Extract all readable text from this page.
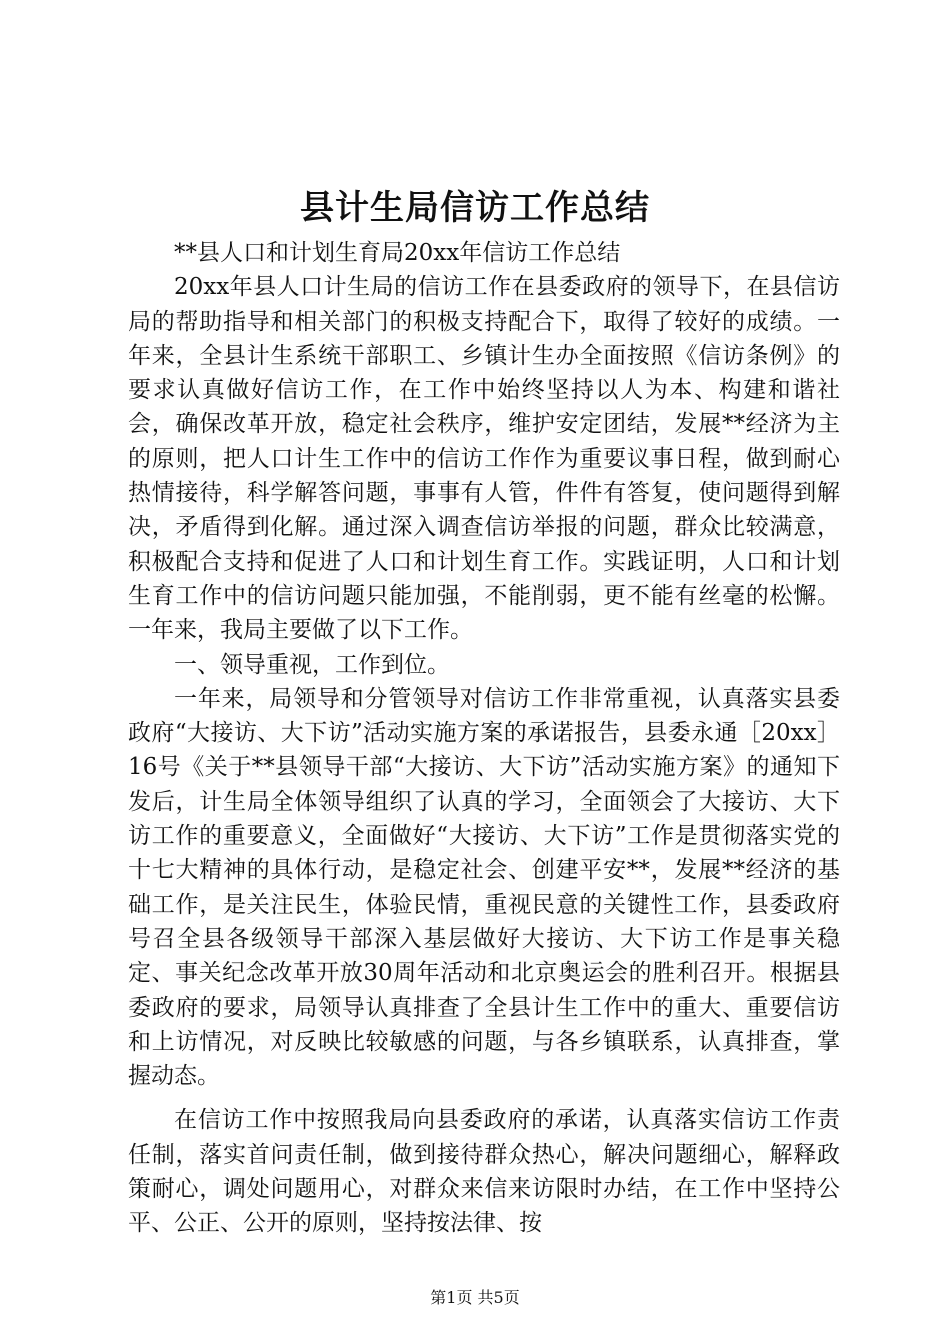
县计生局信访工作总结

**县人口和计划生育局20xx年信访工作总结

20xx年县人口计生局的信访工作在县委政府的领导下，在县信访局的帮助指导和相关部门的积极支持配合下，取得了较好的成绩。一年来，全县计生系统干部职工、乡镇计生办全面按照《信访条例》的要求认真做好信访工作，在工作中始终坚持以人为本、构建和谐社会，确保改革开放，稳定社会秩序，维护安定团结，发展**经济为主的原则，把人口计生工作中的信访工作作为重要议事日程，做到耐心热情接待，科学解答问题，事事有人管，件件有答复，使问题得到解决，矛盾得到化解。通过深入调查信访举报的问题，群众比较满意，积极配合支持和促进了人口和计划生育工作。实践证明，人口和计划生育工作中的信访问题只能加强，不能削弱，更不能有丝毫的松懈。一年来，我局主要做了以下工作。

一、领导重视，工作到位。

一年来，局领导和分管领导对信访工作非常重视，认真落实县委政府“大接访、大下访”活动实施方案的承诺报告，县委永通［20xx］16号《关于**县领导干部“大接访、大下访”活动实施方案》的通知下发后，计生局全体领导组织了认真的学习，全面领会了大接访、大下访工作的重要意义，全面做好“大接访、大下访”工作是贯彻落实党的十七大精神的具体行动，是稳定社会、创建平安**，发展**经济的基础工作，是关注民生，体验民情，重视民意的关键性工作，县委政府号召全县各级领导干部深入基层做好大接访、大下访工作是事关稳定、事关纪念改革开放30周年活动和北京奥运会的胜利召开。根据县委政府的要求，局领导认真排查了全县计生工作中的重大、重要信访和上访情况，对反映比较敏感的问题，与各乡镇联系，认真排查，掌握动态。

在信访工作中按照我局向县委政府的承诺，认真落实信访工作责任制，落实首问责任制，做到接待群众热心，解决问题细心，解释政策耐心，调处问题用心，对群众来信来访限时办结，在工作中坚持公平、公正、公开的原则，坚持按法律、按

第1页 共5页
